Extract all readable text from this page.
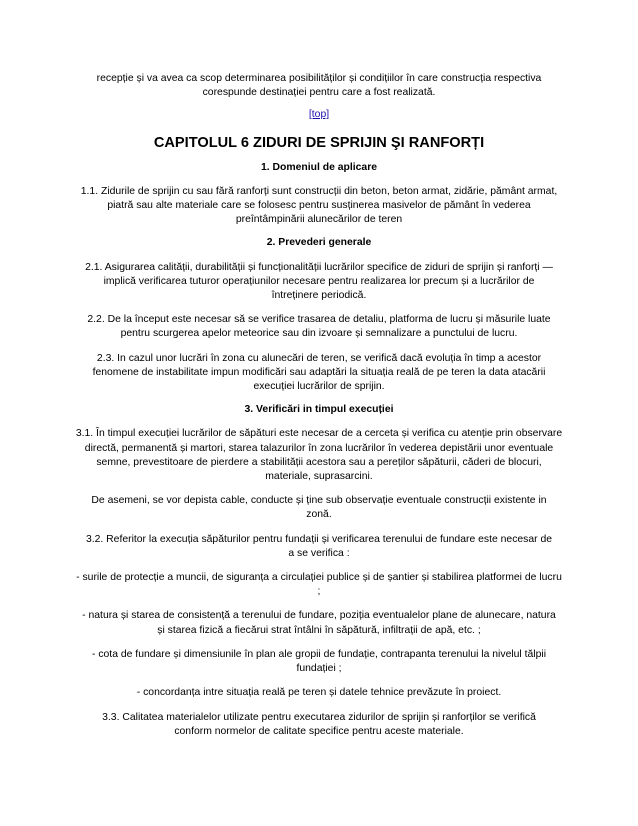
recepție și va avea ca scop determinarea posibilităților și condițiilor în care construcția respectiva corespunde destinației pentru care a fost realizată.

[top]

CAPITOLUL 6 ZIDURI DE SPRIJIN ŞI RANFORȚI

1. Domeniul de aplicare

1.1. Zidurile de sprijin cu sau fără ranforți sunt construcții din beton, beton armat, zidărie, pământ armat, piatră sau alte materiale care se folosesc pentru susținerea masivelor de pământ în vederea preîntâmpinării alunecărilor de teren

2. Prevederi generale

2.1. Asigurarea calității, durabilității și funcționalității lucrărilor specifice de ziduri de sprijin și ranforți — implică verificarea tuturor operațiunilor necesare pentru realizarea lor precum și a lucrărilor de întreținere periodică.

2.2. De la început este necesar să se verifice trasarea de detaliu, platforma de lucru și măsurile luate pentru scurgerea apelor meteorice sau din izvoare și semnalizare a punctului de lucru.

2.3. In cazul unor lucrări în zona cu alunecări de teren, se verifică dacă evoluția în timp a acestor fenomene de instabilitate impun modificări sau adaptări la situația reală de pe teren la data atacării execuției lucrărilor de sprijin.

3. Verificări in timpul execuției

3.1. În timpul execuției lucrărilor de săpături este necesar de a cerceta și verifica cu atenție prin observare directă, permanentă și martori, starea talazurilor în zona lucrărilor în vederea depistării unor eventuale semne, prevestitoare de pierdere a stabilității acestora sau a pereților săpăturii, căderi de blocuri, materiale, suprasarcini.

De asemeni, se vor depista cable, conducte și ține sub observație eventuale construcții existente in zonă.

3.2. Referitor la execuția săpăturilor pentru fundații și verificarea terenului de fundare este necesar de a se verifica :

- surile de protecție a muncii, de siguranța a circulației publice și de șantier și stabilirea platformei de lucru ;

- natura și starea de consistență a terenului de fundare, poziția eventualelor plane de alunecare, natura și starea fizică a fiecărui strat întâlni în săpătură, infiltrații de apă, etc. ;

- cota de fundare și dimensiunile în plan ale gropii de fundație, contrapanta terenului la nivelul tălpii fundației ;

- concordanța intre situația reală pe teren și datele tehnice prevăzute în proiect.

3.3. Calitatea materialelor utilizate pentru executarea zidurilor de sprijin și ranforților se verifică conform normelor de calitate specifice pentru aceste materiale.
